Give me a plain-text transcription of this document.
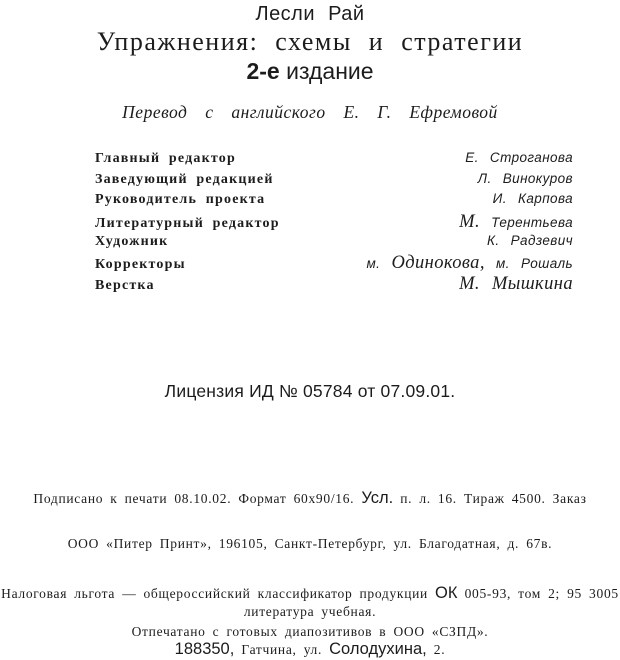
Лесли Рай
Упражнения: схемы и стратегии
2-е издание
Перевод с английского Е. Г. Ефремовой
Главный редактор	Е. Строганова
Заведующий редакцией	Л. Винокуров
Руководитель проекта	И. Карпова
Литературный редактор	М. Терентьева
Художник	К. Радзевич
Корректоры	м. Одинокова, м. Рошаль
Верстка	М. Мышкина
Лицензия ИД № 05784 от 07.09.01.
Подписано к печати 08.10.02. Формат 60x90/16. Усл. п. л. 16. Тираж 4500. Заказ
ООО «Питер Принт», 196105, Санкт-Петербург, ул. Благодатная, д. 67в.
Налоговая льгота — общероссийский классификатор продукции ОК 005-93, том 2; 95 3005
литература учебная.
Отпечатано с готовых диапозитивов в ООО «СЗПД».
188350, Гатчина, ул. Солодухина, 2.
